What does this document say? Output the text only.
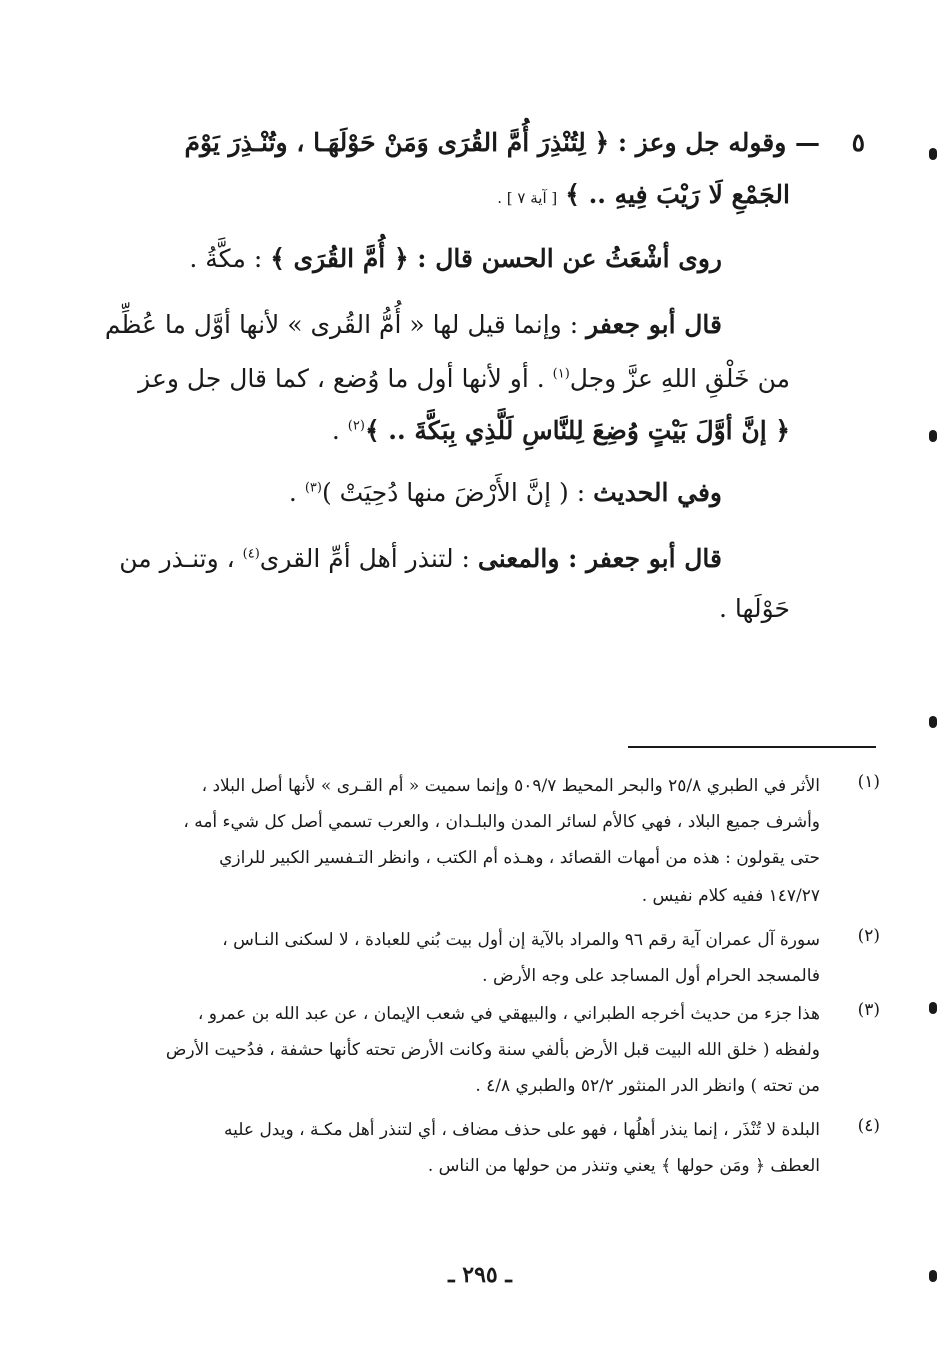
٥
— وقوله جل وعز : ﴿ لِتُنْذِرَ أُمَّ القُرَى وَمَنْ حَوْلَهَـا ، وتُنْـذِرَ يَوْمَ
الجَمْعِ لَا رَيْبَ فِيهِ .. ﴾ [ آية ٧ ] .
روى أشْعَثُ عن الحسن قال : ﴿ أُمَّ القُرَى ﴾ : مكَّةُ .
قال أبو جعفر : وإنما قيل لها « أُمُّ القُرى » لأنها أوَّل ما عُظِّم
من خَلْقِ اللهِ عزَّ وجل$^{(١)}$ . أو لأنها أول ما وُضع ، كما قال جل وعز
﴿ إنَّ أوَّلَ بَيْتٍ وُضِعَ لِلنَّاسِ لَلَّذِي بِبَكَّةَ .. ﴾$^{(٢)}$ .
وفي الحديث : ( إنَّ الأَرْضَ منها دُحِيَتْ )$^{(٣)}$ .
قال أبو جعفر : والمعنى : لتنذر أهل أمِّ القرى$^{(٤)}$ ، وتنـذر من
حَوْلَها .
(١)
الأثر في الطبري ٢٥/٨ والبحر المحيط ٥٠٩/٧ وإنما سميت « أم القـرى » لأنها أصل البلاد ،
وأشرف جميع البلاد ، فهي كالأم لسائر المدن والبلـدان ، والعرب تسمي أصل كل شيء أمه ،
حتى يقولون : هذه من أمهات القصائد ، وهـذه أم الكتب ، وانظر التـفسير الكبير للرازي
١٤٧/٢٧ ففيه كلام نفيس .
(٢)
سورة آل عمران آية رقم ٩٦ والمراد بالآية إن أول بيت بُني للعبادة ، لا لسكنى النـاس ،
فالمسجد الحرام أول المساجد على وجه الأرض .
(٣)
هذا جزء من حديث أخرجه الطبراني ، والبيهقي في شعب الإيمان ، عن عبد الله بن عمرو ،
ولفظه ( خلق الله البيت قبل الأرض بألفي سنة وكانت الأرض تحته كأنها حشفة ، فدُحيت الأرض
من تحته ) وانظر الدر المنثور ٥٢/٢ والطبري ٤/٨ .
(٤)
البلدة لا تُنْذَر ، إنما ينذر أهلُها ، فهو على حذف مضاف ، أي لتنذر أهل مكـة ، ويدل عليه
العطف ﴿ ومَن حولها ﴾ يعني وتنذر من حولها من الناس .
ـ ٢٩٥ ـ
